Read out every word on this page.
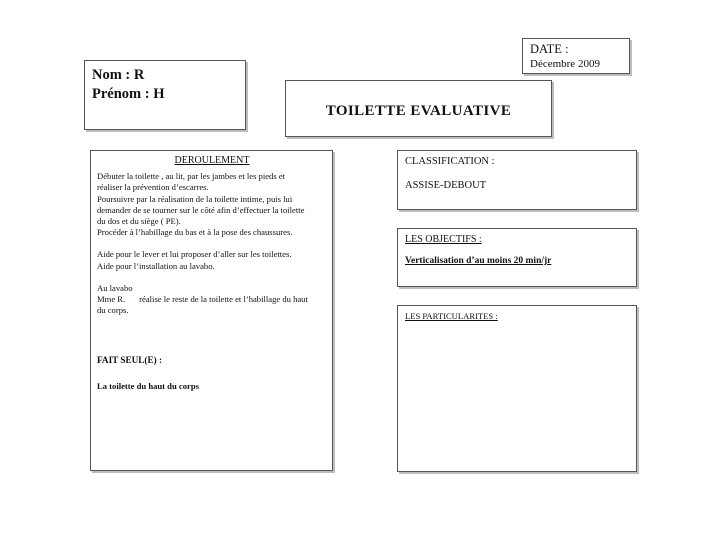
DATE :
Décembre 2009
Nom : R
Prénom : H
TOILETTE EVALUATIVE
DEROULEMENT
Débuter la toilette , au lit, par les jambes et les pieds et
réaliser la prévention d’escarres.
Poursuivre par la réalisation de la toilette intime, puis lui
demander de se tourner sur le côté afin d’effectuer la toilette
du dos et du siège ( PE).
Procéder à l’habillage du bas et à la pose des chaussures.
Aide pour le lever et lui proposer d’aller sur les toilettes.
Aide pour l’installation au lavabo.
Au lavabo
Mme R. réalise le reste de la toilette et l’habillage du haut
du corps.
FAIT SEUL(E) :
La toilette du haut du corps
CLASSIFICATION :
ASSISE-DEBOUT
LES OBJECTIFS :
Verticalisation d’au moins 20 min/jr
LES PARTICULARITES :
